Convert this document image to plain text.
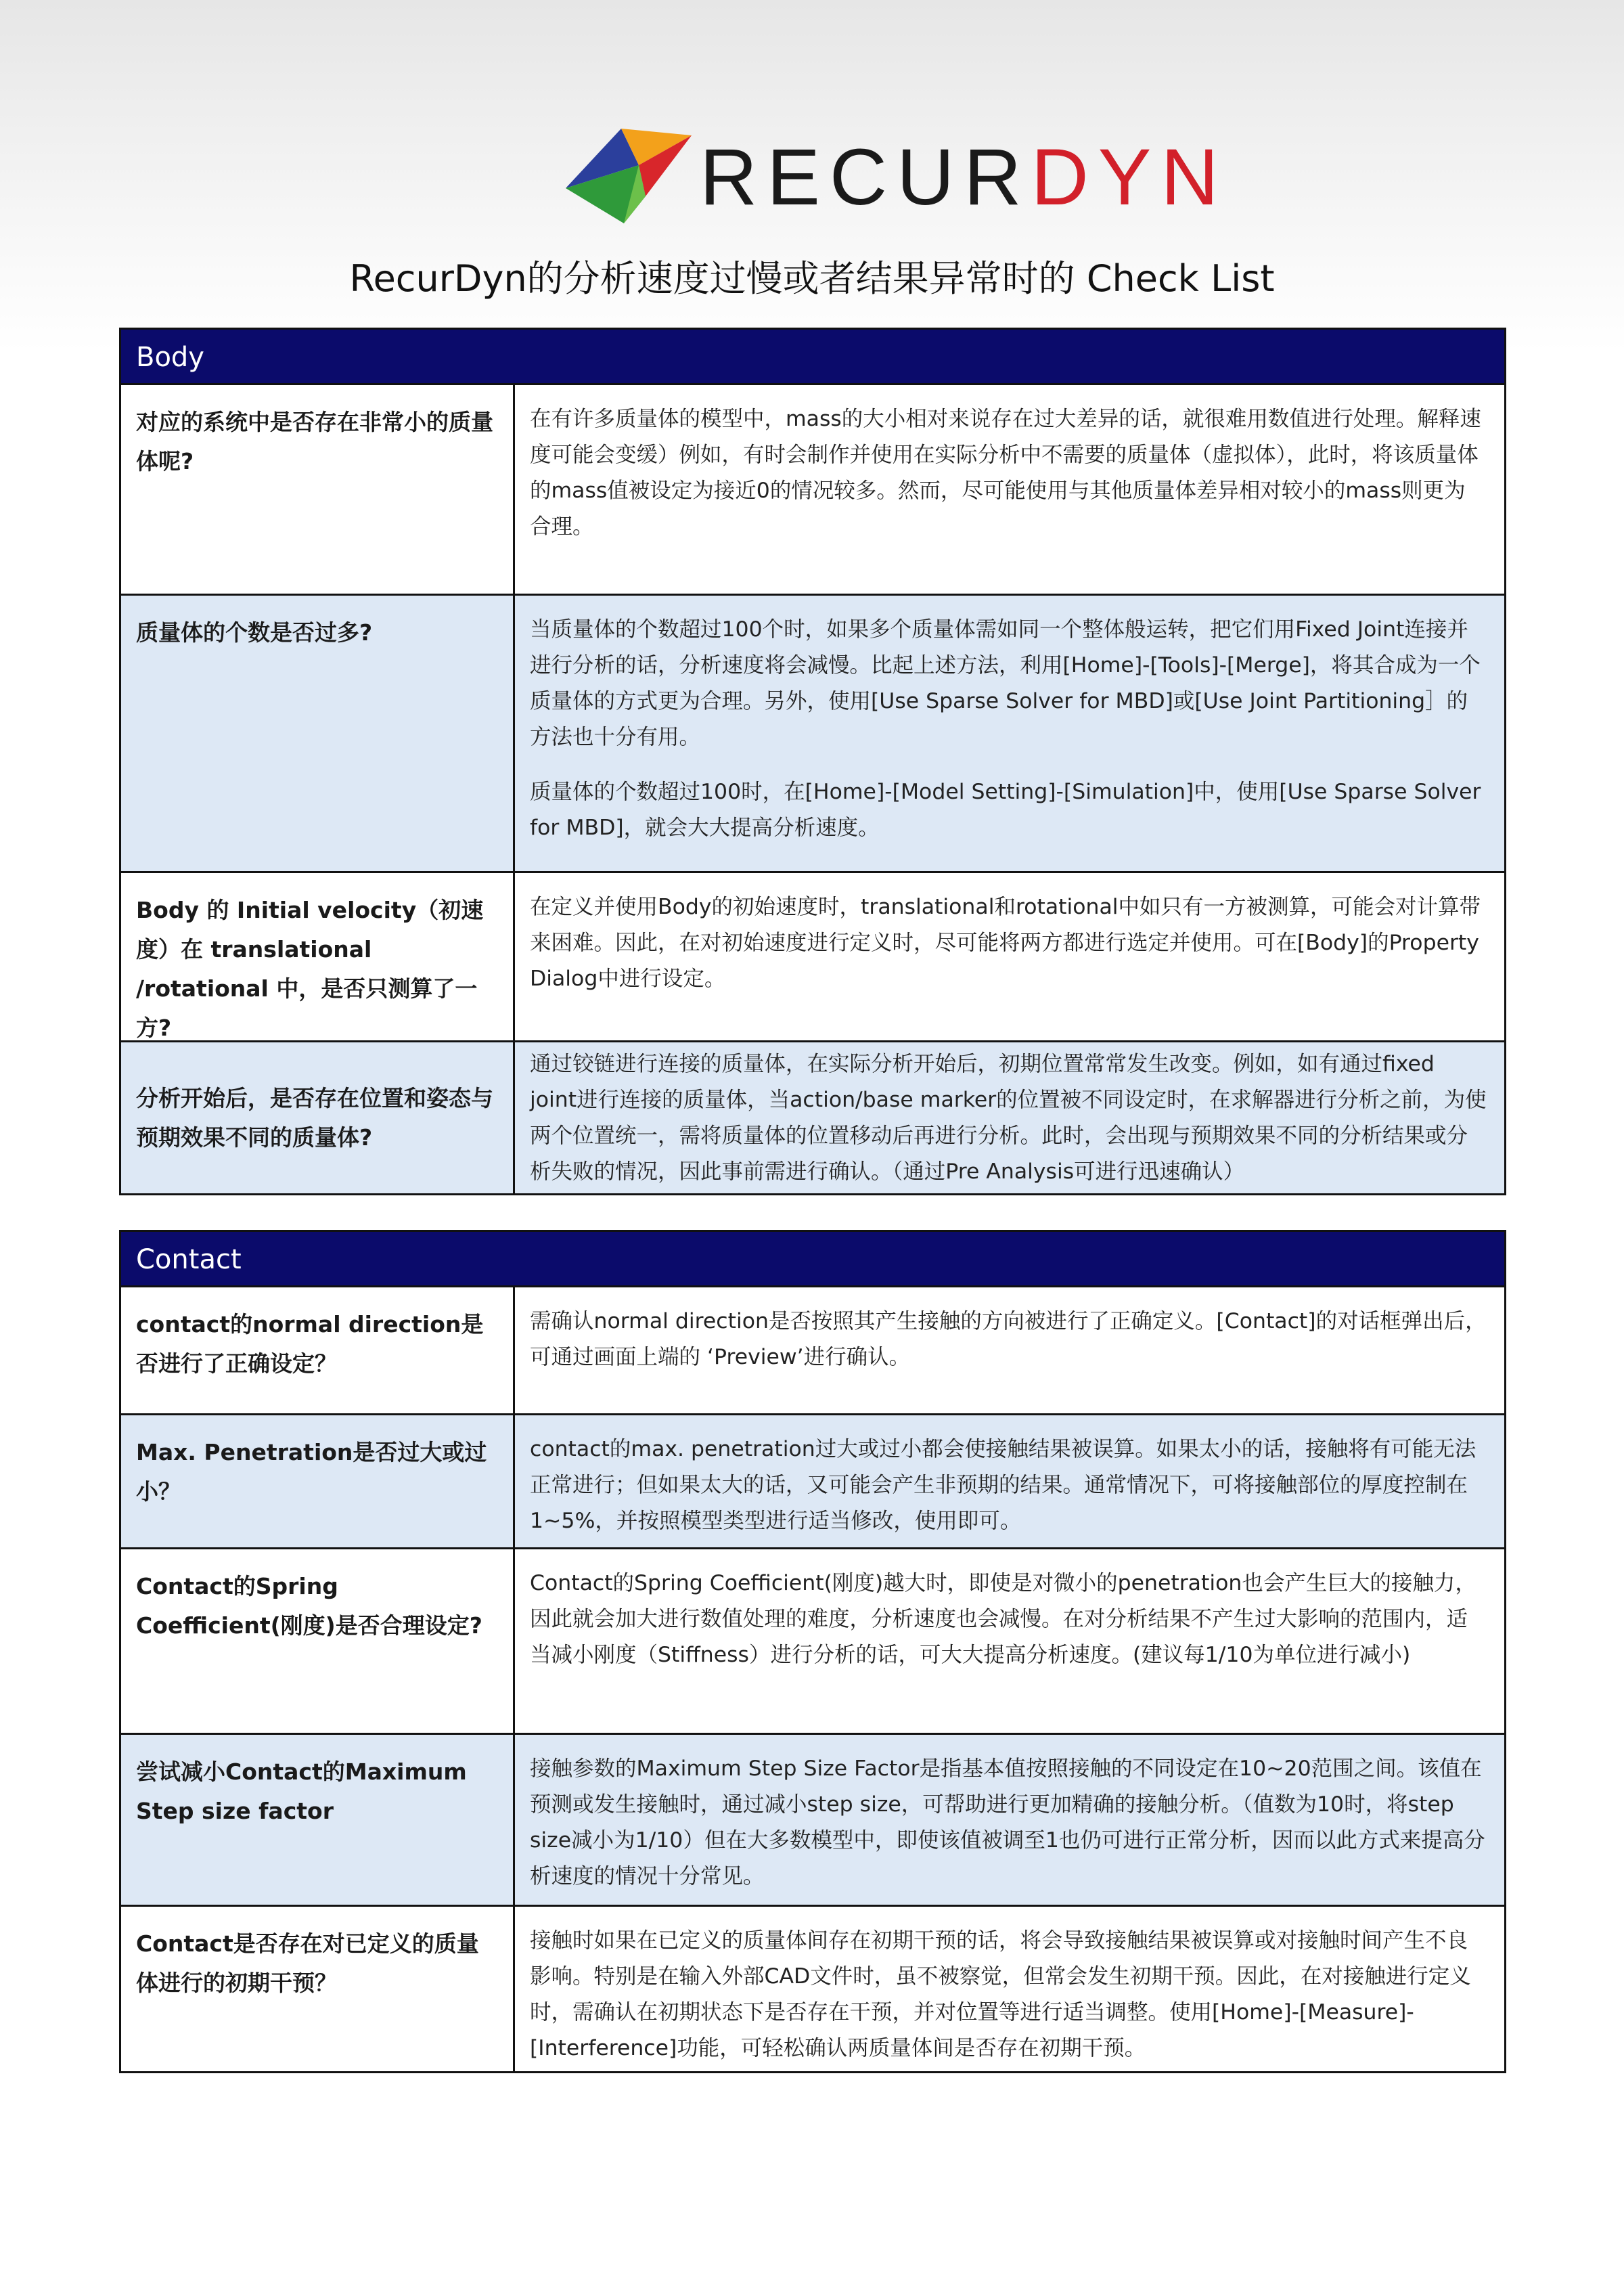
RECURDYN
RecurDyn的分析速度过慢或者结果异常时的 Check List
Body
对应的系统中是否存在非常小的质量体呢?

在有许多质量体的模型中，mass的大小相对来说存在过大差异的话，就很难用数值进行处理。解释速度可能会变缓）例如，有时会制作并使用在实际分析中不需要的质量体（虚拟体），此时，将该质量体的mass值被设定为接近0的情况较多。然而，尽可能使用与其他质量体差异相对较小的mass则更为合理。

质量体的个数是否过多?	当质量体的个数超过100个时，如果多个质量体需如同一个整体般运转，把它们用Fixed Joint连接并进行分析的话，分析速度将会减慢。比起上述方法，利用[Home]-[Tools]-[Merge]，将其合成为一个质量体的方式更为合理。另外，使用[Use Sparse Solver for MBD]或[Use Joint Partitioning］的方法也十分有用。

质量体的个数超过100时，在[Home]-[Model Setting]-[Simulation]中，使用[Use Sparse Solver for MBD]，就会大大提高分析速度。

Body 的 Initial velocity（初速度）在 translational /rotational 中，是否只测算了一方?

在定义并使用Body的初始速度时，translational和rotational中如只有一方被测算，可能会对计算带来困难。因此，在对初始速度进行定义时，尽可能将两方都进行选定并使用。可在[Body]的Property Dialog中进行设定。

分析开始后，是否存在位置和姿态与预期效果不同的质量体?

通过铰链进行连接的质量体，在实际分析开始后，初期位置常常发生改变。例如，如有通过fixed joint进行连接的质量体，当action/base marker的位置被不同设定时，在求解器进行分析之前，为使两个位置统一，需将质量体的位置移动后再进行分析。此时，会出现与预期效果不同的分析结果或分析失败的情况，因此事前需进行确认。（通过Pre Analysis可进行迅速确认）

Contact
contact的normal direction是否进行了正确设定？

需确认normal direction是否按照其产生接触的方向被进行了正确定义。[Contact]的对话框弹出后，可通过画面上端的 ‘Preview’进行确认。

Max. Penetration是否过大或过小？

contact的max. penetration过大或过小都会使接触结果被误算。如果太小的话，接触将有可能无法正常进行；但如果太大的话，又可能会产生非预期的结果。通常情况下，可将接触部位的厚度控制在1~5%，并按照模型类型进行适当修改，使用即可。

Contact的Spring Coefficient(刚度)是否合理设定?

Contact的Spring Coefficient(刚度)越大时，即使是对微小的penetration也会产生巨大的接触力，因此就会加大进行数值处理的难度，分析速度也会减慢。在对分析结果不产生过大影响的范围内，适当减小刚度（Stiffness）进行分析的话，可大大提高分析速度。(建议每1/10为单位进行减小)

尝试减小Contact的Maximum Step size factor

接触参数的Maximum Step Size Factor是指基本值按照接触的不同设定在10~20范围之间。该值在预测或发生接触时，通过减小step size，可帮助进行更加精确的接触分析。（值数为10时，将step size减小为1/10）但在大多数模型中，即使该值被调至1也仍可进行正常分析，因而以此方式来提高分析速度的情况十分常见。

Contact是否存在对已定义的质量体进行的初期干预？

接触时如果在已定义的质量体间存在初期干预的话，将会导致接触结果被误算或对接触时间产生不良影响。特别是在输入外部CAD文件时，虽不被察觉，但常会发生初期干预。因此，在对接触进行定义时，需确认在初期状态下是否存在干预，并对位置等进行适当调整。使用[Home]-[Measure]-[Interference]功能，可轻松确认两质量体间是否存在初期干预。
